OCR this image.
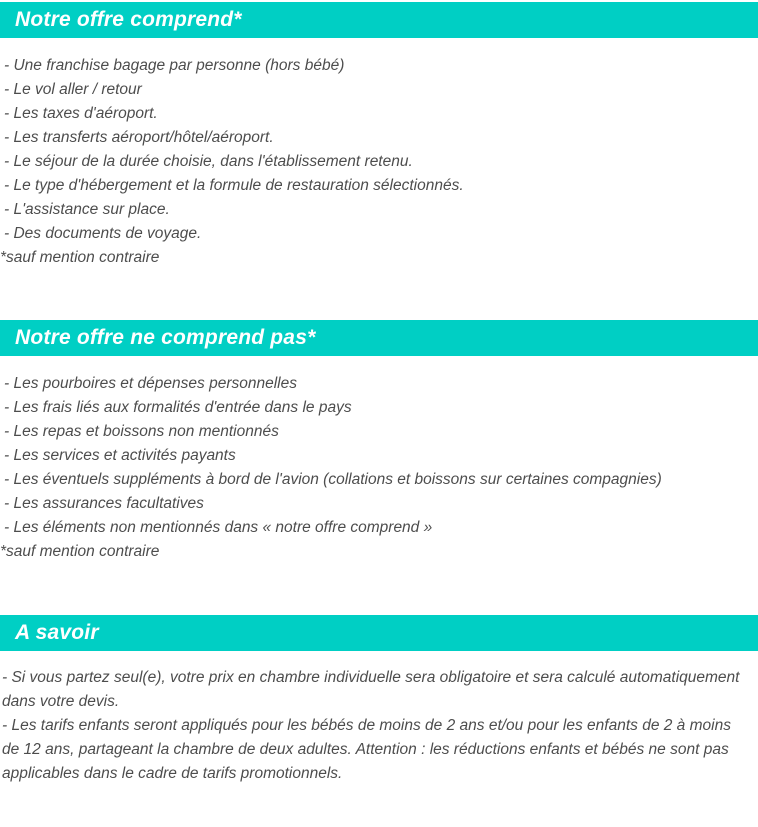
Notre offre comprend*
- Une franchise bagage par personne (hors bébé)
- Le vol aller / retour
- Les taxes d'aéroport.
- Les transferts aéroport/hôtel/aéroport.
- Le séjour de la durée choisie, dans l'établissement retenu.
- Le type d'hébergement et la formule de restauration sélectionnés.
- L'assistance sur place.
- Des documents de voyage.
*sauf mention contraire
Notre offre ne comprend pas*
- Les pourboires et dépenses personnelles
- Les frais liés aux formalités d'entrée dans le pays
- Les repas et boissons non mentionnés
- Les services et activités payants
- Les éventuels suppléments à bord de l'avion (collations et boissons sur certaines compagnies)
- Les assurances facultatives
- Les éléments non mentionnés dans « notre offre comprend »
*sauf mention contraire
A savoir

- Si vous partez seul(e), votre prix en chambre individuelle sera obligatoire et sera calculé automatiquement dans votre devis.

- Les tarifs enfants seront appliqués pour les bébés de moins de 2 ans et/ou pour les enfants de 2 à moins de 12 ans, partageant la chambre de deux adultes. Attention : les réductions enfants et bébés ne sont pas applicables dans le cadre de tarifs promotionnels.
